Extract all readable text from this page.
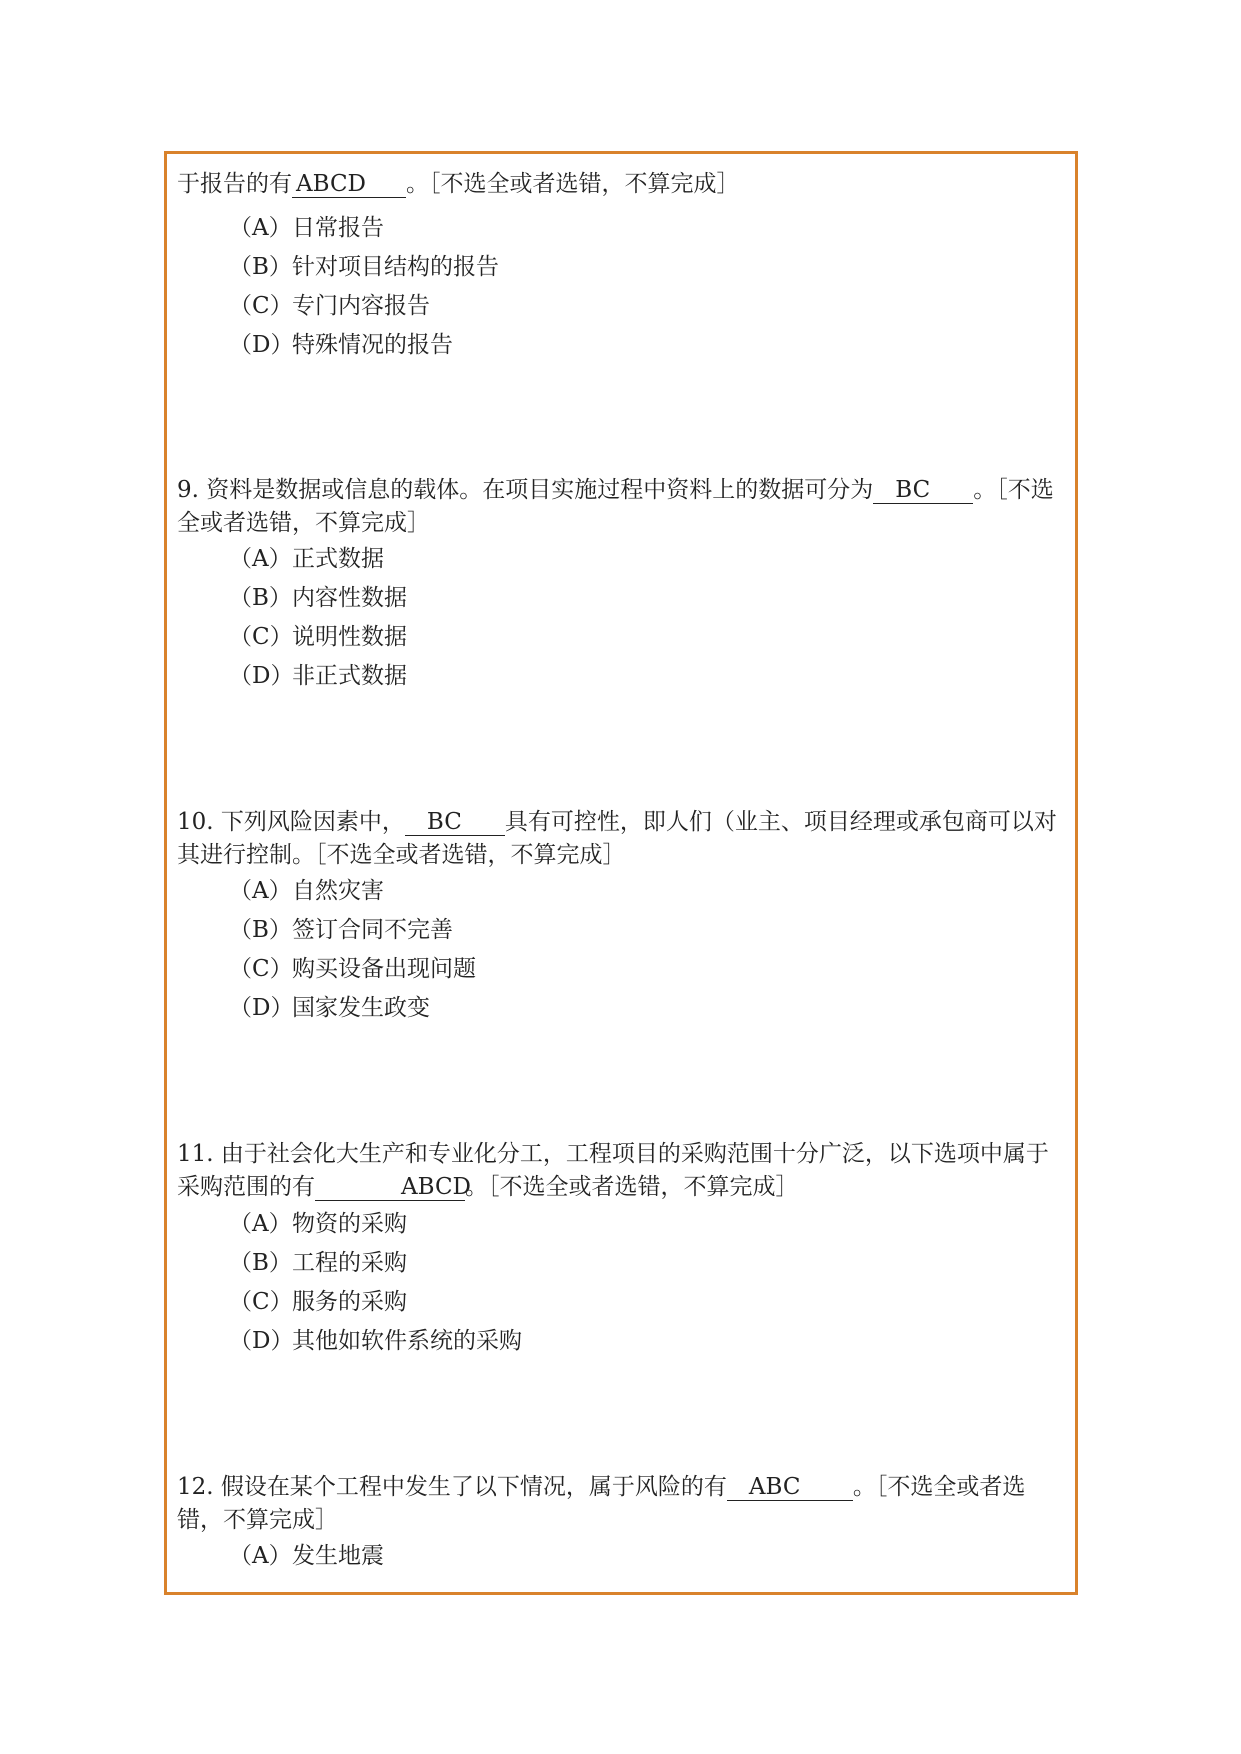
于报告的有 ABCD 。［不选全或者选错，不算完成］
（A）日常报告
（B）针对项目结构的报告
（C）专门内容报告
（D）特殊情况的报告
9. 资料是数据或信息的载体。在项目实施过程中资料上的数据可分为 BC 。［不选全或者选错，不算完成］
（A）正式数据
（B）内容性数据
（C）说明性数据
（D）非正式数据
10. 下列风险因素中， BC 具有可控性，即人们（业主、项目经理或承包商可以对其进行控制。［不选全或者选错，不算完成］
（A）自然灾害
（B）签订合同不完善
（C）购买设备出现问题
（D）国家发生政变
11. 由于社会化大生产和专业化分工，工程项目的采购范围十分广泛，以下选项中属于采购范围的有	ABCD。［不选全或者选错，不算完成］
（A）物资的采购
（B）工程的采购
（C）服务的采购
（D）其他如软件系统的采购
12. 假设在某个工程中发生了以下情况，属于风险的有 ABC 。［不选全或者选错，不算完成］
（A）发生地震
